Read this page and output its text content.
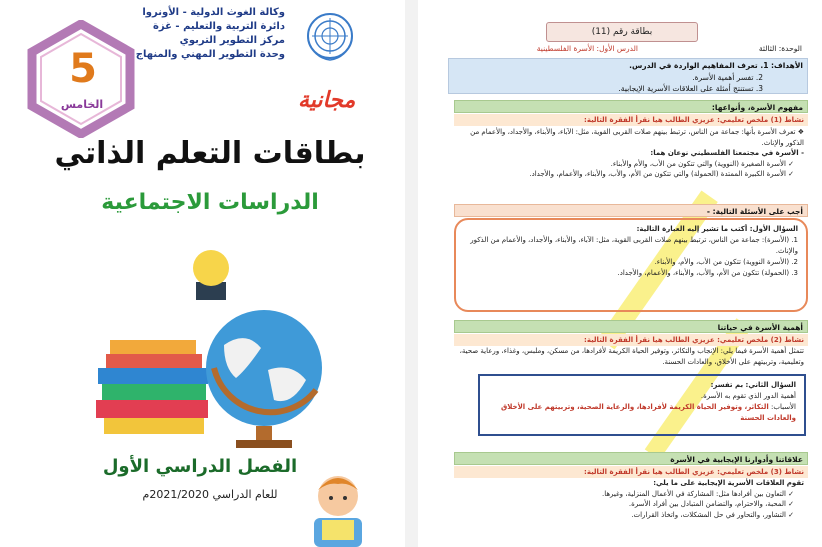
وكالة الغوث الدولية - الأونروا
دائرة التربية والتعليم - غزة
مركز التطوير التربوي
وحدة التطوير المهني والمنهاج
5
الخامس	مجانية
بطاقات التعلم الذاتي
الدراسات الاجتماعية
الفصل الدراسي الأول
للعام الدراسي 2021/2020م
بطاقة رقم (11)
الوحدة: الثالثة
الدرس الأول: الأسرة الفلسطينية
الأهداف: 1. تعرف المفاهيم الواردة في الدرس.
2. تفسر أهمية الأسرة.
3. تستنتج أمثلة على العلاقات الأسرية الإيجابية.
مفهوم الأسرة، وأنواعها:
نشاط (1) ملخص تعليمي: عزيزي الطالب هيا نقرأ الفقرة التالية:

❖ تعرف الأسرة بأنها: جماعة من الناس، ترتبط بينهم صلات القربى القوية، مثل: الآباء، والأبناء، والأجداد، والأعمام من الذكور والإناث.

- الأسرة في مجتمعنا الفلسطيني نوعان هما:

✓ الأسرة الصغيرة (النووية) والتي تتكون من الأب، والأم والأبناء.

✓ الأسرة الكبيرة الممتدة (الحمولة) والتي تتكون من الأم، والأب، والأبناء، والأعمام، والأجداد.

أجب على الأسئلة التالية: -

السؤال الأول: أكتب ما تشير إليه العبارة التالية:

1. (الأسرة): جماعة من الناس، ترتبط بينهم صلات القربى القوية، مثل: الآباء، والأبناء، والأجداد، والأعمام من الذكور والإناث.

2. (الأسرة النووية) تتكون من الأب، والأم، والأبناء.

3. (الحمولة) تتكون من الأم، والأب، والأبناء، والأعمام، والأجداد.

أهمية الأسرة في حياتنا
نشاط (2) ملخص تعليمي: عزيزي الطالب هيا نقرأ الفقرة التالية:
تتمثل أهمية الأسرة فيما يلي: الإنجاب والتكاثر، وتوفير الحياة الكريمة لأفرادها، من مسكن، وملبس، وغذاء، ورعاية صحية، وتعليمية، وتربيتهم على الأخلاق، والعادات الحسنة.

السؤال الثاني: بم تفسر:

أهمية الدور الذي تقوم به الأسرة.

الأسباب: التكاثر، وتوفير الحياة الكريمة لأفرادها، والرعاية الصحية، وتربيتهم على الأخلاق والعادات الحسنة

علاقاتنا وأدوارنا الإيجابية في الأسرة
نشاط (3) ملخص تعليمي: عزيزي الطالب هيا نقرأ الفقرة التالية:

تقوم العلاقات الأسرية الإيجابية على ما يلي:

✓ التعاون بين أفرادها مثل: المشاركة في الأعمال المنزلية، وغيرها.

✓ المحبة، والاحترام، والتضامن المتبادل بين أفراد الأسرة.

✓ التشاور، والتحاور في حل المشكلات، واتخاذ القرارات.
